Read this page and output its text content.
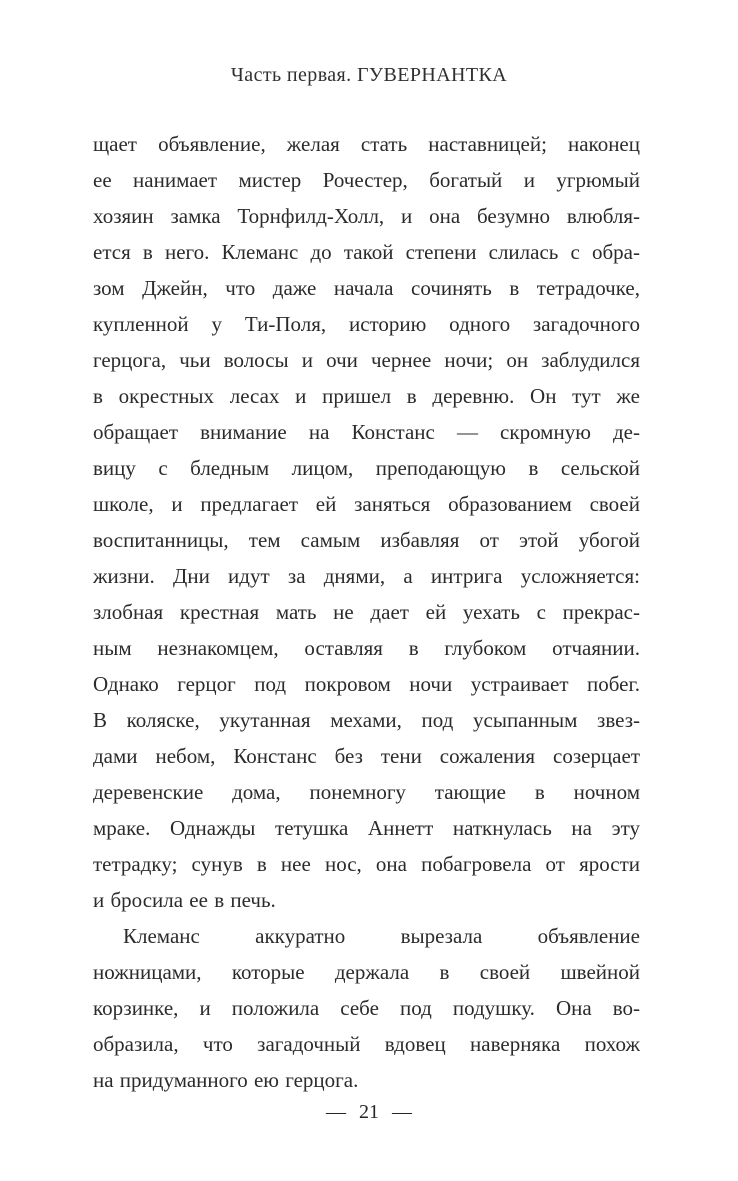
Часть первая. ГУВЕРНАНТКА
щает объявление, желая стать наставницей; наконец
ее нанимает мистер Рочестер, богатый и угрюмый
хозяин замка Торнфилд-Холл, и она безумно влюбля-
ется в него. Клеманс до такой степени слилась с обра-
зом Джейн, что даже начала сочинять в тетрадочке,
купленной у Ти-Поля, историю одного загадочного
герцога, чьи волосы и очи чернее ночи; он заблудился
в окрестных лесах и пришел в деревню. Он тут же
обращает внимание на Констанс — скромную де-
вицу с бледным лицом, преподающую в сельской
школе, и предлагает ей заняться образованием своей
воспитанницы, тем самым избавляя от этой убогой
жизни. Дни идут за днями, а интрига усложняется:
злобная крестная мать не дает ей уехать с прекрас-
ным незнакомцем, оставляя в глубоком отчаянии.
Однако герцог под покровом ночи устраивает побег.
В коляске, укутанная мехами, под усыпанным звез-
дами небом, Констанс без тени сожаления созерцает
деревенские дома, понемногу тающие в ночном
мраке. Однажды тетушка Аннетт наткнулась на эту
тетрадку; сунув в нее нос, она побагровела от ярости
и бросила ее в печь.
Клеманс аккуратно вырезала объявление
ножницами, которые держала в своей швейной
корзинке, и положила себе под подушку. Она во-
образила, что загадочный вдовец наверняка похож
на придуманного ею герцога.
— 21 —
